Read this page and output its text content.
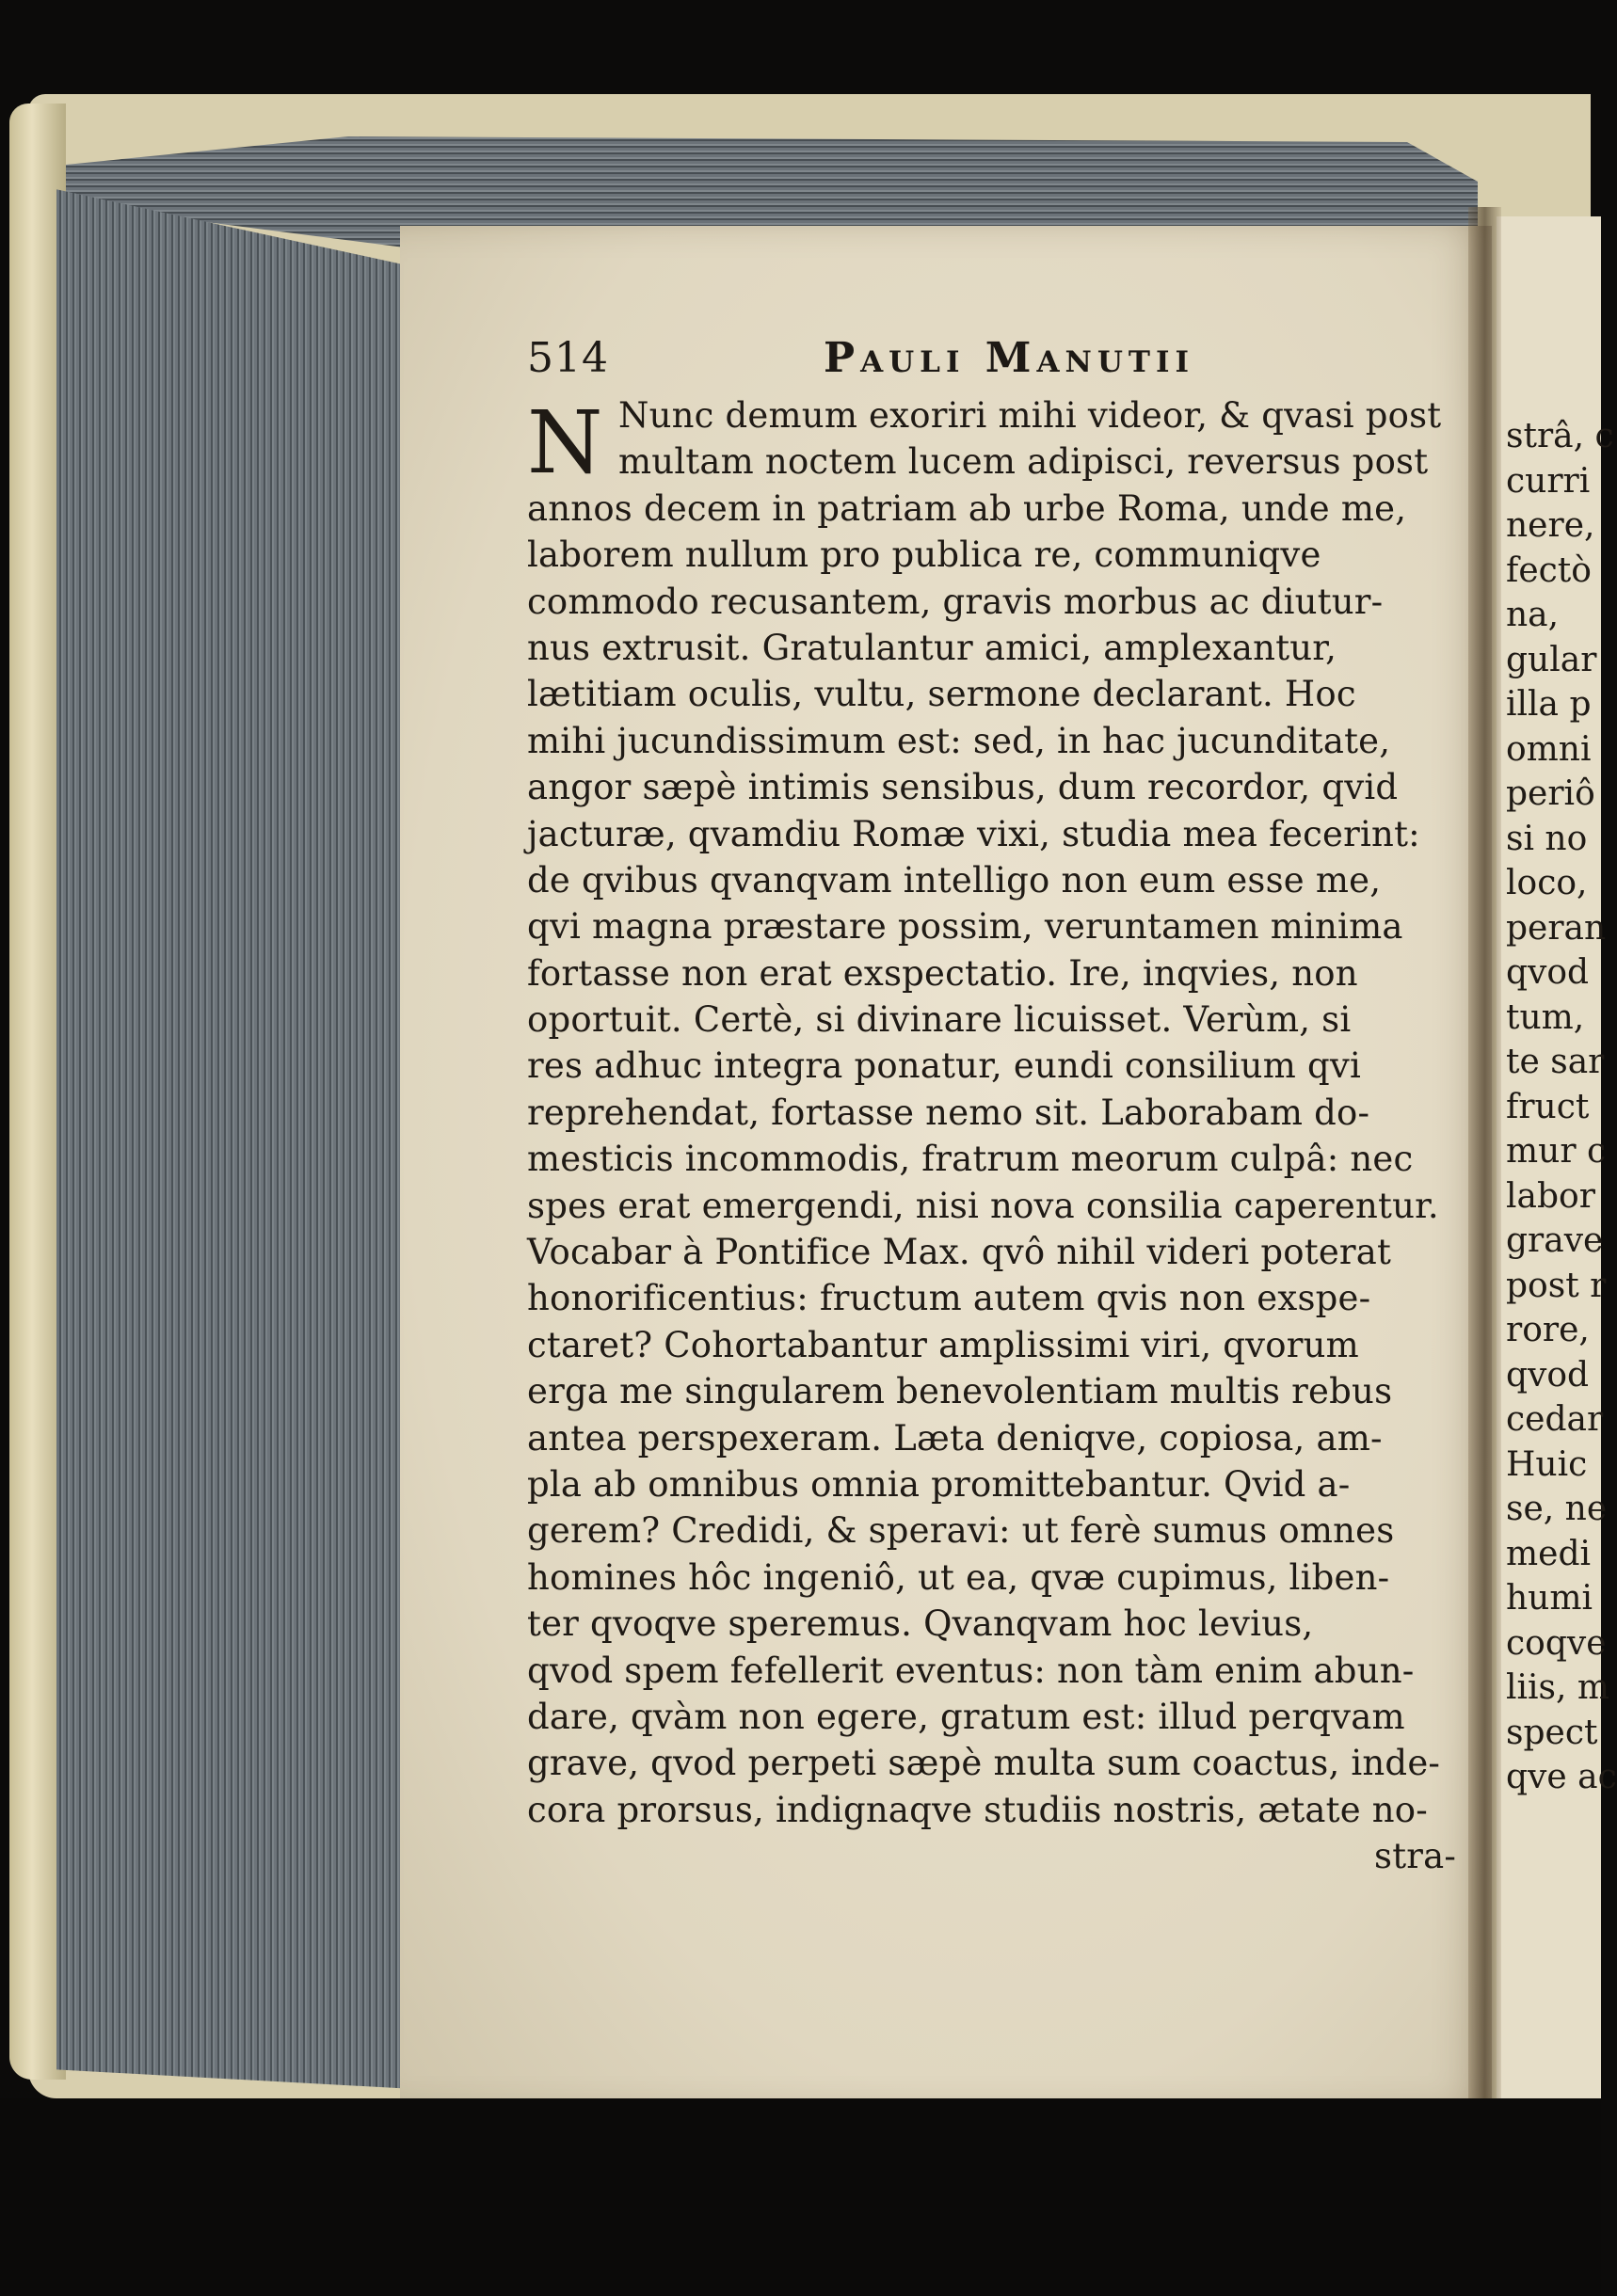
514	Pauli Manutii
N Nunc demum exoriri mihi videor, & qvasi post
multam noctem lucem adipisci, reversus post
annos decem in patriam ab urbe Roma, unde me,
laborem nullum pro publica re, communiqve
commodo recusantem, gravis morbus ac diutur-
nus extrusit. Gratulantur amici, amplexantur,
lætitiam oculis, vultu, sermone declarant. Hoc
mihi jucundissimum est: sed, in hac jucunditate,
angor sæpè intimis sensibus, dum recordor, qvid
jacturæ, qvamdiu Romæ vixi, studia mea fecerint:
de qvibus qvanqvam intelligo non eum esse me,
qvi magna præstare possim, veruntamen minima
fortasse non erat exspectatio. Ire, inqvies, non
oportuit. Certè, si divinare licuisset. Verùm, si
res adhuc integra ponatur, eundi consilium qvi
reprehendat, fortasse nemo sit. Laborabam do-
mesticis incommodis, fratrum meorum culpâ: nec
spes erat emergendi, nisi nova consilia caperentur.
Vocabar à Pontifice Max. qvô nihil videri poterat
honorificentius: fructum autem qvis non exspe-
ctaret? Cohortabantur amplissimi viri, qvorum
erga me singularem benevolentiam multis rebus
antea perspexeram. Læta deniqve, copiosa, am-
pla ab omnibus omnia promittebantur. Qvid a-
gerem? Credidi, & speravi: ut ferè sumus omnes
homines hôc ingeniô, ut ea, qvæ cupimus, liben-
ter qvoqve speremus. Qvanqvam hoc levius,
qvod spem fefellerit eventus: non tàm enim abun-
dare, qvàm non egere, gratum est: illud perqvam
grave, qvod perpeti sæpè multa sum coactus, inde-
cora prorsus, indignaqve studiis nostris, ætate no-
stra-
strâ, c
curri
nere,
fectò
na,
gular
illa p
omni
periô
si no
loco,
peran
qvod
tum,
te sar
fruct
mur c
labor
grave
post r
rore,
qvod
cedar
Huic
se, ne
medi
humi
coqve
liis, m
spect
qve ac
